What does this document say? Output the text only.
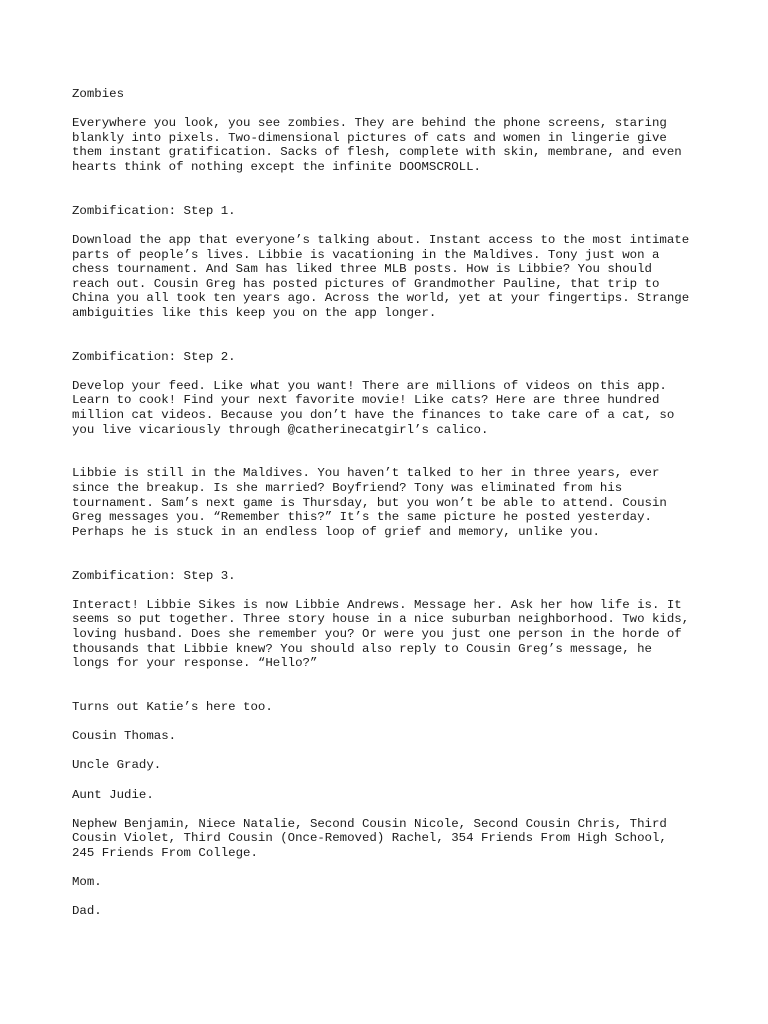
Zombies

Everywhere you look, you see zombies. They are behind the phone screens, staring
blankly into pixels. Two-dimensional pictures of cats and women in lingerie give
them instant gratification. Sacks of flesh, complete with skin, membrane, and even
hearts think of nothing except the infinite DOOMSCROLL.

Zombification: Step 1.

Download the app that everyone’s talking about. Instant access to the most intimate
parts of people’s lives. Libbie is vacationing in the Maldives. Tony just won a
chess tournament. And Sam has liked three MLB posts. How is Libbie? You should
reach out. Cousin Greg has posted pictures of Grandmother Pauline, that trip to
China you all took ten years ago. Across the world, yet at your fingertips. Strange
ambiguities like this keep you on the app longer.

Zombification: Step 2.

Develop your feed. Like what you want! There are millions of videos on this app.
Learn to cook! Find your next favorite movie! Like cats? Here are three hundred
million cat videos. Because you don’t have the finances to take care of a cat, so
you live vicariously through @catherinecatgirl’s calico.

Libbie is still in the Maldives. You haven’t talked to her in three years, ever
since the breakup. Is she married? Boyfriend? Tony was eliminated from his
tournament. Sam’s next game is Thursday, but you won’t be able to attend. Cousin
Greg messages you. “Remember this?” It’s the same picture he posted yesterday.
Perhaps he is stuck in an endless loop of grief and memory, unlike you.

Zombification: Step 3.

Interact! Libbie Sikes is now Libbie Andrews. Message her. Ask her how life is. It
seems so put together. Three story house in a nice suburban neighborhood. Two kids,
loving husband. Does she remember you? Or were you just one person in the horde of
thousands that Libbie knew? You should also reply to Cousin Greg’s message, he
longs for your response. “Hello?”

Turns out Katie’s here too.

Cousin Thomas.

Uncle Grady.

Aunt Judie.

Nephew Benjamin, Niece Natalie, Second Cousin Nicole, Second Cousin Chris, Third
Cousin Violet, Third Cousin (Once-Removed) Rachel, 354 Friends From High School,
245 Friends From College.

Mom.

Dad.
